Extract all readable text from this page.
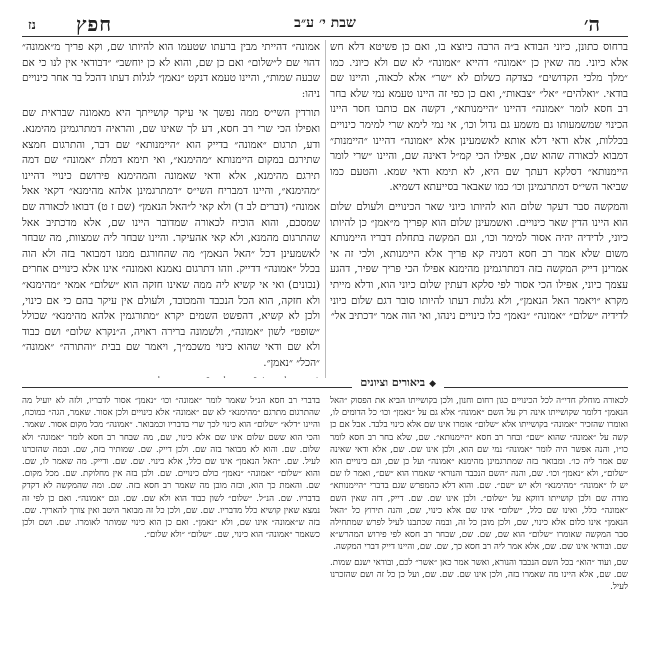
חפץ	שבת י׳ ע״ב	ה׳
נז

ברחוס כתונן, כיוני הבודא ב״ה הרבה כיוצא בו, ואם כן פשיטא דלא חש אלא כיוני. מה שאין כן ״אמונה״ דהייא ״אמונה״ לא שם ולא כיוני. כמו ״מלך מלכי הקדושים״ כצדקה כשלום לא ״שר״ אלא לכאוה, והיינו שם בודאי. ״ואלהים״ ״אל״ ״צבאות״, ואם כן כפי זה היינו טעמא נמי שלא בחר רב חסא לומר ״אמונה״ דהיינו ״היימנותא״, דקשה אם כותבו חסר היינו הכינוי שמשמעותו גם משמע גם גדול וכו׳, אי נמי לימא שרי למימר כינויים בכללות, אלא ודאי דלא אותא לאשמעינן אלא ״אמונה״ דהיינו ״היימנות״ דמבוא לכאורה שהוא שם, אפילו הכי קמ״ל דאינה שם, והיינו ״שרי לומר היימנותא״ דסלקא דעתך שם היא, לא תימא ודאי שמא. והטעם כמו שביאר השי״ס דמתרגמינן וכו׳ כמו שאבאר בסייעתא דשמיא.

והמקשה סבר דעקר שלום הוא להיותו כיוני שאר הכינויים ולעולם שלום הוא היינו הדין שאר כינויים. ואשמעינן שלום הוא קפריך מ״אמן״ כן להיותו כיוני, לדידיה יהיה אסור למימר וכו׳, וגם המקשה בתחלת דבריו היימנותא משום שלא אמר רב חסא דמניה קא פריך אלא היימנותא, ולכי זה אי אמרינן דייק המקשה בזה דמתרגמינן מהימנא אפילו הכי פריך שפיר, דהגע עצמך כיוני, אפילו הכי אסור לפי סלקא דעתין שלום כיוני הוא, ודלא מייתי מקרא ״ויאמר האל הנאמן״, ולא גלגות דעתו להיותו סובר דגם שלום כיוני לדידיה ״שלום״ ״אמונה״ ״נאמן״ כלו כינויים נינהו, ואי הוה אמר ״דכתיב אל״

אמונה״ דהייתי מבין ברעתו שטעמו הוא להיותו שם, וקא פריך מ״אמונה״ דהוי שם ל״שלום״ ואם כן שם, והוא לא כן יוחשב״ ״דבודאי אין לנו כי אם שבעה שמות״, והיינו טעמא דנקט ״נאמן״ לגלות דעתו דהכל בר אחר כינויים ניהו:

תורדין השי״ס ממה נפשך אי עיקר קושייתך היא מאמונה שבראית שם ואפילו הכי שרי רב חסא, דע לך שאינו שם, והראיה דמתרגמינן מהימנא. ודע, תרגום ״אמונה״ בדייק הוא ״היימנותא״ שם דבר, והתרגום חמצא שתירגם במקום היימנותא ״מהימנא״, ואי תימא דמלת ״אמונה״ שם דמה תירגם מהימנא, אלא ודאי שאמונה והמהימנא פירושם כינויי דהיינו ״מהימנא״, והיינו דמבריח השי״ס ״דמתרגמינן אלהא מהימנא״ דקאי אאל אמונה״ (דברים לב ד) ולא קאי ל״האל הנאמן״ (שם ז ט) דבואו לכאורה שם שמסכם, והוא הוכיח לכאורה שמדובר היינו שם, אלא מדכתיב אאל שהתרגום מהמנא, ולא קאי אהעיקר. והיינו שבחר ליה שמצוות, מה שבחר לאשמעינן דכל ״האל הנאמן״ מה שהחורגם ממנו דמבואר בזה ולא הוה בכלל ״אמונה״ דדייק. וזהו דתרגום נאמנא ואמונה״ אינו אלא כינויים אחרים (נכונים) ואי אי קשיא ליה ממה שאינו חזקה הוא ״שלום״ אמאי ״מהימנא״ ולא חזקה, הוא הכל הנכבד והמכובד, ולעולם אין עיקר בהם כי אם כינוי, ולכן לא קשיא, דהפשט השמים יקרא ״מתורגמין אלהא מהימנא״ שכולל ״שופט״ לשון ״אמונה״, ולשמונה ברירה ראויה, ה״נקרא שלום״ ושם כבוד ולא שם ודאי שהוא כינוי משכמ״ך, ויאמר שם בבית ״והתורה״ ״אמונה״ ״הכל״ ״נאמן״.

◆ביאורים וציונים

לכאורה מוחלק חדי״ה לכל הכינויים כגון רחום וחנון, ולכן בקושייתו הביא את הפסוק ״האל הנאמן״ דלומר שקושייתו אינה רק על השם ״אמונה״ אלא גם על ״נאמן״ וכו׳ כל הדומים לו, ואומרו שהזכיר ״אמונה״ בקושייתו אלא ״שלום״ אומרו אינו שם אלא כינוי בלבד. אבל אם כן קשה על ״אמונה״ שהוא ״שם״ ובחר רב חסא ״היימנותא״. שם, שלא בחר רב חסא לומר כו״ו, והנה אפשר היה לומר ״אמונה״ נמי שם הוא, ולכן אינו שם. שם, אלא ודאי שאינה שם אמר ליה כו׳. ומבואר בזה שמתרגמינן מהימנא ״אמונה״ ועל כן שם, וגם כינויים הוא ״שלום״, ולא ״נאמן״ וכו׳. שם, והנה ״השם הנכבד והנורא״ שאמרו הוא ״שם״, ואמר לו שם יש לו ״אמונה״ ״מהימנא״ ולא יש ״שם״. שם. והוא דלא כהמפרש שגם בדברי ״היימנותא״ מודה שם ולכן קושייתו דווקא על ״שלום״. ולכן אינו שם. שם. דייק, דזה שאין השם ״אמונה״ כלל, ואינו שם כלל, ״שלום״ אינו שם אלא כינוי, שם, והנה תירוץ כל ״האל הנאמן״ אינו כלום אלא כינוי, שם, ולכן מובן כל זה, ובמה שכתבנו לעיל לפרש שמתחילה סבר המקשה שאומרו ״שלום״ הוא שם, שם. שם, שבחר רב חסא לפי פירוש המהרש״א שם. ובודאי אינו שם. שם, אלא אמר ליה רב חסא כך, שם. שם, והיינו דייק דברי המקשה.

שם, ועוד ״הוא״ בכל השם הנכבד והנורא, ואשר אמר כאן ״אשר״ לכם, ובודאי ישנם שמות. שם. שם, אלא היינו מה שאמרו בזה, ולכן אינו שם. שם. שם, ועל כן כל זה ושם שהזכרנו לעיל.

בדברי רב חסא הנ״ל שאמר לומר ״אמונה״ וכו׳ ״נאמן״ אסור לדבריו, ולזה לא יועיל מה שהתרגום מתרגם ״מהימנא״ לא שם ״אמונה״ אלא כינויים ולכן אסור. שאמר, הגה״ כמוכח, והיינו ״דלא״ ״שלום״ הוא כינוי לכך שרי בדבריו וכמבואר. ״אמונה״ מכל מקום אסור. שאמר. והכי הוא ששם שלום אינו שם אלא כינוי, שם, מה שבחר רב חסא לומר ״אמונה״ ולא שלום. שם. והוא לא מבואר בזה שם. ולכן דייק. שם. שמותיר בזה, שם. ובמה שהזכרנו לעיל. שם. ״האל הנאמן״ אינו שם כלל, אלא כינוי. שם. שם. ודייק. מה שאמר לו, שם. והוא ״שלום״ ״אמונה״ ״נאמן״ כולם כינויים. שם. ולכן בזה אין מחלוקת. שם. מכל מקום. שם. והאמת כך הוא, ובזה מובן מה שאמר רב חסא בזה. שם. ומה שהמקשה לא דקדק בדבריו. שם. הנ״ל. ״שלום״ לשון כבוד הוא ולא שם. שם. וגם ״אמונה״. ואם כן לפי זה נמצא שאין קושיא כלל מדבריו. שם. שם, ולכן כל זה מבואר היטב ואין צורך להאריך. שם. בזה ש״אמונה״ אינו שם, ולא ״נאמן״. ואם כן הוא כינוי שמותר לאומרו. שם. ושם ולכן כשאמר ״אמונה״ הוא כינוי, שם. ״שלום״ ״ולא שלום״.
